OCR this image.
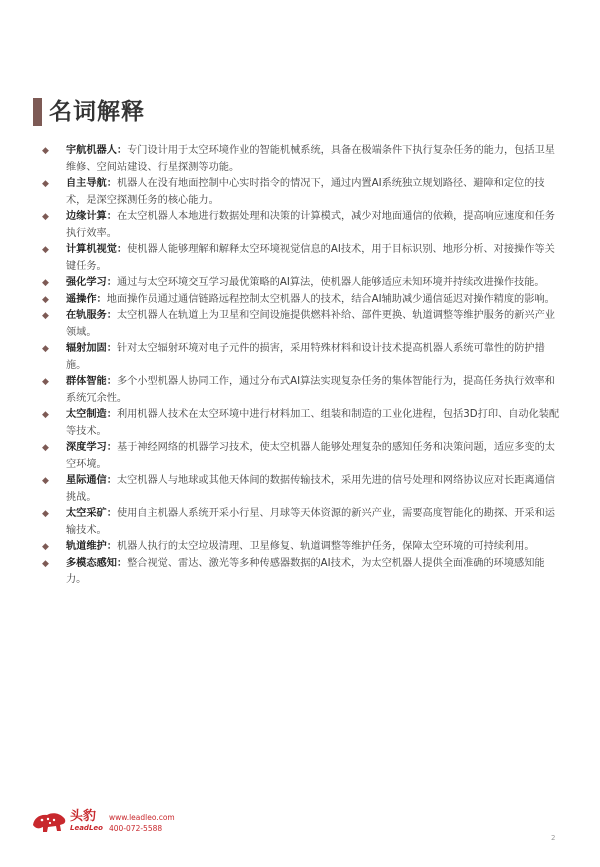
名词解释
◆ 宇航机器人：专门设计用于太空环境作业的智能机械系统，具备在极端条件下执行复杂任务的能力，包括卫星维修、空间站建设、行星探测等功能。
◆ 自主导航：机器人在没有地面控制中心实时指令的情况下，通过内置AI系统独立规划路径、避障和定位的技术，是深空探测任务的核心能力。
◆ 边缘计算：在太空机器人本地进行数据处理和决策的计算模式，减少对地面通信的依赖，提高响应速度和任务执行效率。
◆ 计算机视觉：使机器人能够理解和解释太空环境视觉信息的AI技术，用于目标识别、地形分析、对接操作等关键任务。
◆ 强化学习：通过与太空环境交互学习最优策略的AI算法，使机器人能够适应未知环境并持续改进操作技能。
◆ 遥操作：地面操作员通过通信链路远程控制太空机器人的技术，结合AI辅助减少通信延迟对操作精度的影响。
◆ 在轨服务：太空机器人在轨道上为卫星和空间设施提供燃料补给、部件更换、轨道调整等维护服务的新兴产业领域。
◆ 辐射加固：针对太空辐射环境对电子元件的损害，采用特殊材料和设计技术提高机器人系统可靠性的防护措施。
◆ 群体智能：多个小型机器人协同工作，通过分布式AI算法实现复杂任务的集体智能行为，提高任务执行效率和系统冗余性。
◆ 太空制造：利用机器人技术在太空环境中进行材料加工、组装和制造的工业化进程，包括3D打印、自动化装配等技术。
◆ 深度学习：基于神经网络的机器学习技术，使太空机器人能够处理复杂的感知任务和决策问题，适应多变的太空环境。
◆ 星际通信：太空机器人与地球或其他天体间的数据传输技术，采用先进的信号处理和网络协议应对长距离通信挑战。
◆ 太空采矿：使用自主机器人系统开采小行星、月球等天体资源的新兴产业，需要高度智能化的勘探、开采和运输技术。
◆ 轨道维护：机器人执行的太空垃圾清理、卫星修复、轨道调整等维护任务，保障太空环境的可持续利用。
◆ 多模态感知：整合视觉、雷达、激光等多种传感器数据的AI技术，为太空机器人提供全面准确的环境感知能力。
头豹
LeadLeo
www.leadleo.com
400-072-5588
2
